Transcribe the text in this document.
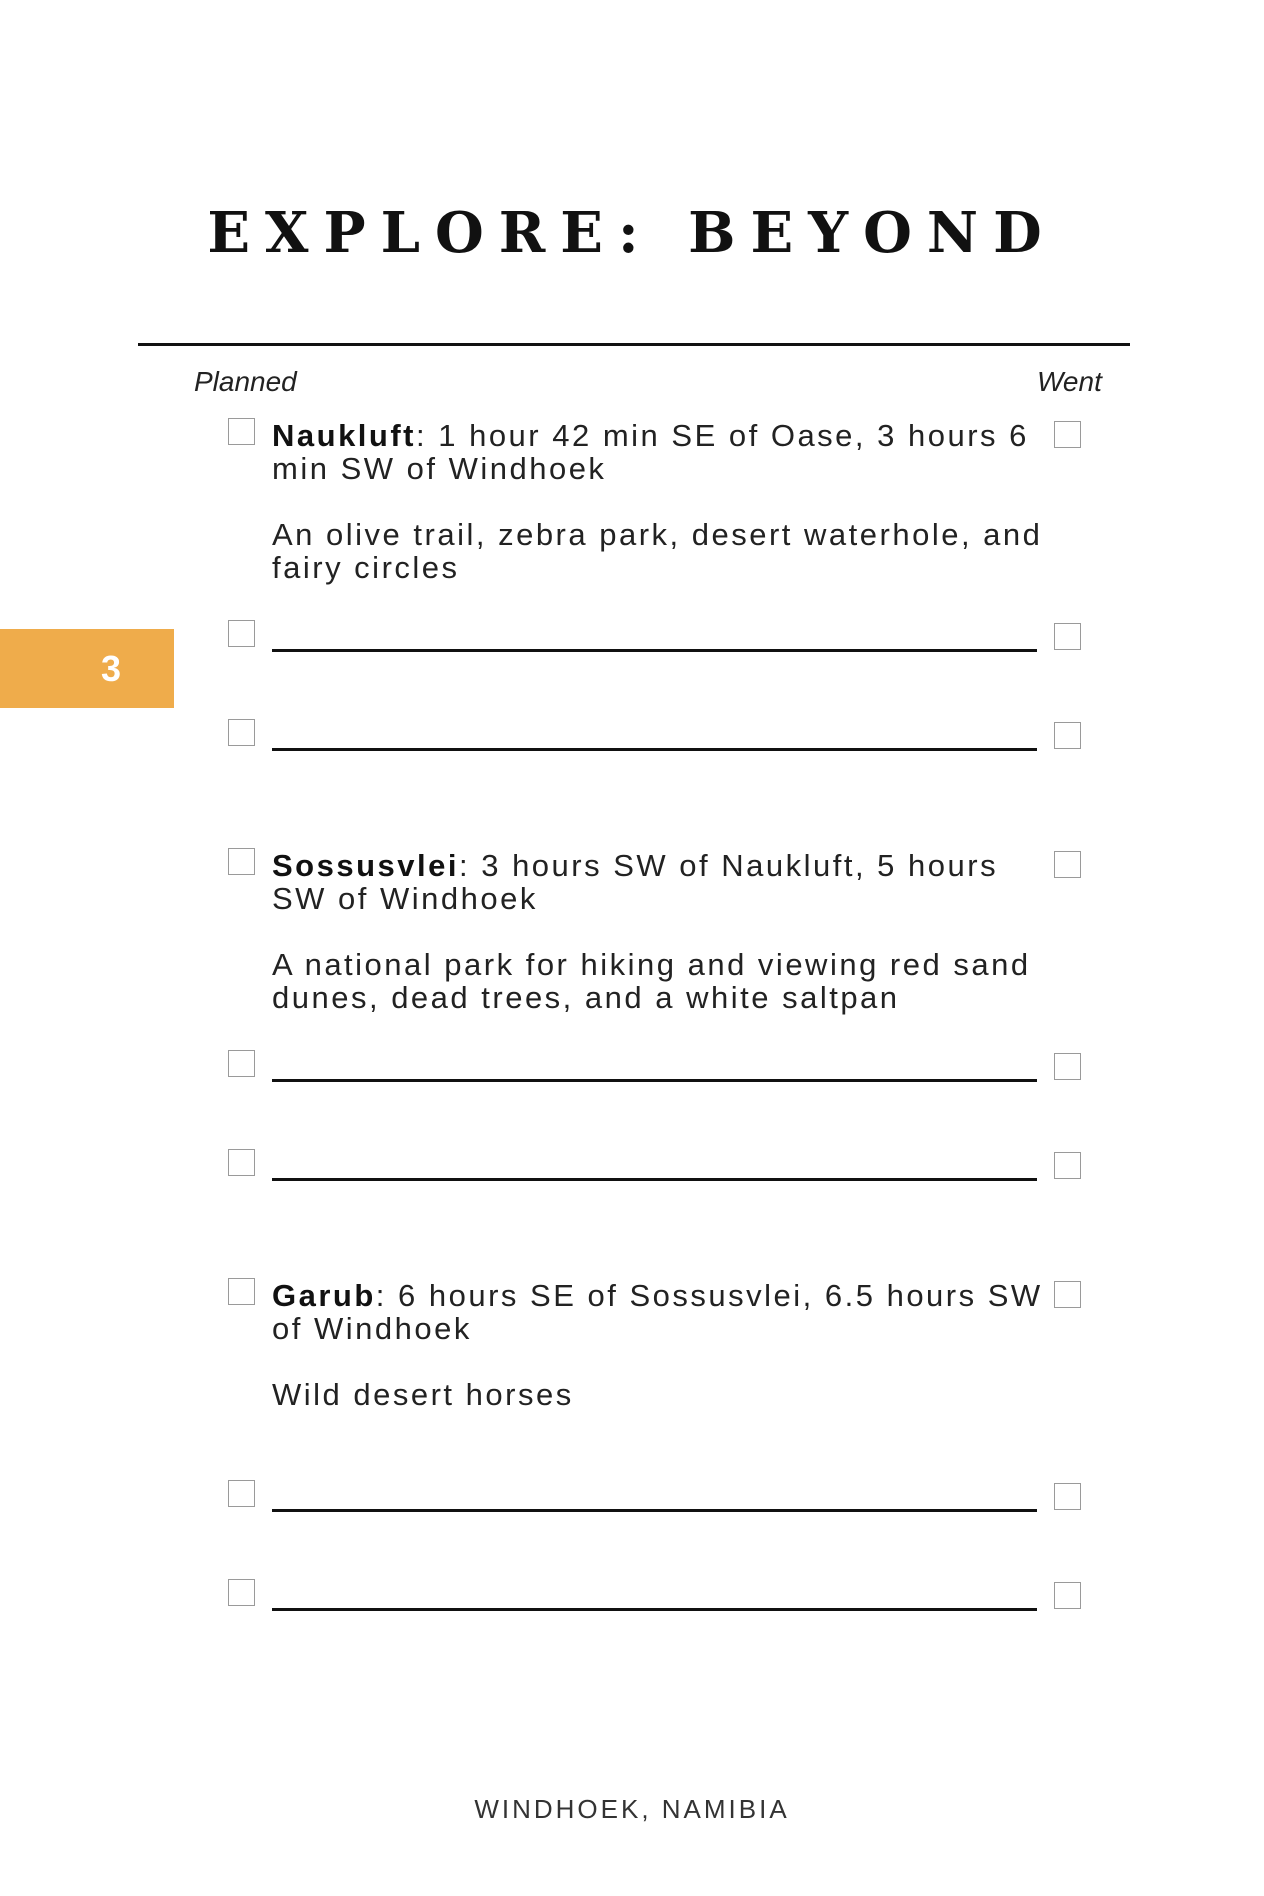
EXPLORE: BEYOND
Planned	Went
3
Naukluft: 1 hour 42 min SE of Oase, 3 hours 6 min SW of Windhoek
An olive trail, zebra park, desert waterhole, and fairy circles
Sossusvlei: 3 hours SW of Naukluft, 5 hours SW of Windhoek
A national park for hiking and viewing red sand dunes, dead trees, and a white saltpan
Garub: 6 hours SE of Sossusvlei, 6.5 hours SW of Windhoek
Wild desert horses
WINDHOEK, NAMIBIA
